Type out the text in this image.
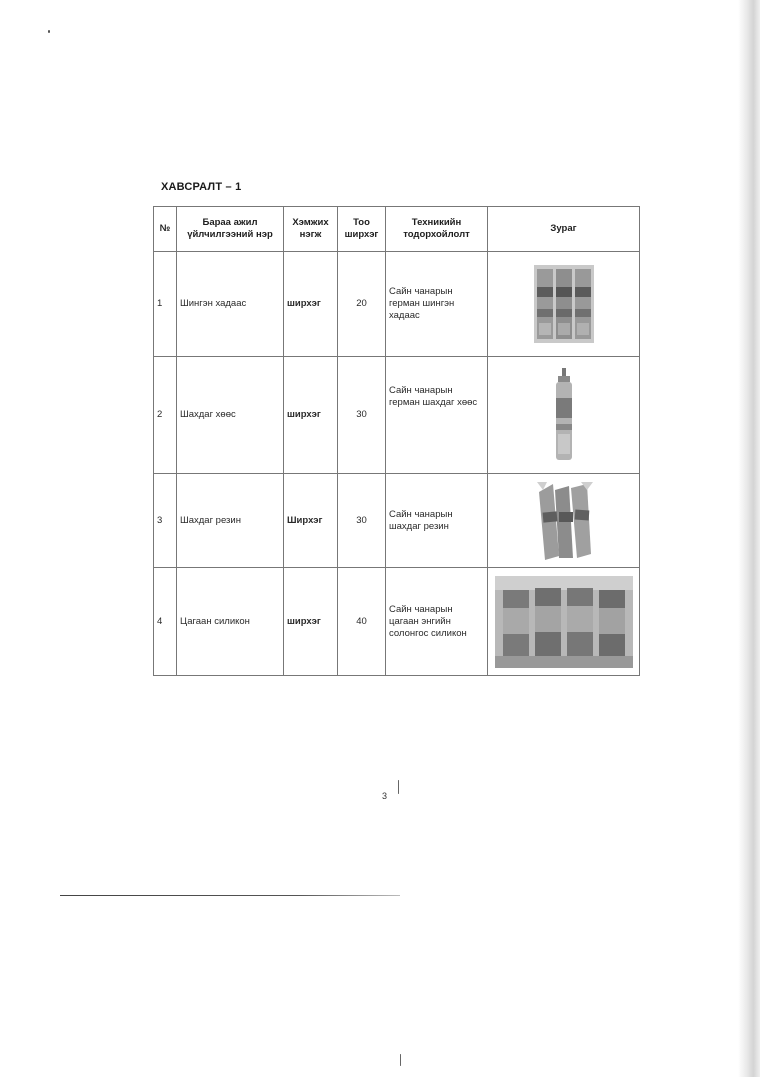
ХАВСРАЛТ – 1
№	Бараа ажил үйлчилгээний нэр	Хэмжих нэгж	Тоо ширхэг	Техникийн тодорхойлолт	Зураг
1	Шингэн хадаас	ширхэг	20	Сайн чанарын герман шингэн хадаас	
2	Шахдаг хөөс	ширхэг	30	Сайн чанарын герман шахдаг хөөс	
3	Шахдаг резин	Ширхэг	30	Сайн чанарын шахдаг резин	
4	Цагаан силикон	ширхэг	40	Сайн чанарын цагаан энгийн солонгос силикон	
3
